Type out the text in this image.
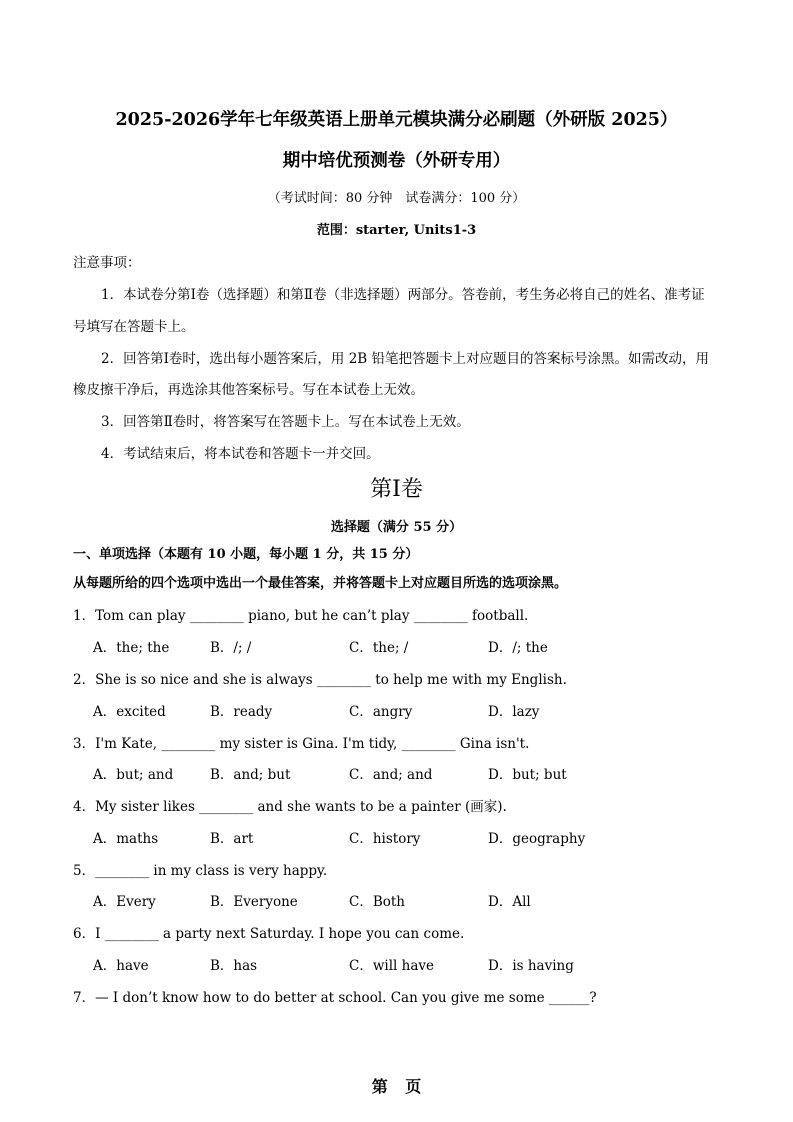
2025-2026学年七年级英语上册单元模块满分必刷题（外研版 2025）
期中培优预测卷（外研专用）
（考试时间：80 分钟　试卷满分：100 分）
范围：starter, Units1-3
注意事项：
1．本试卷分第Ⅰ卷（选择题）和第Ⅱ卷（非选择题）两部分。答卷前，考生务必将自己的姓名、准考证
号填写在答题卡上。
2．回答第Ⅰ卷时，选出每小题答案后，用 2B 铅笔把答题卡上对应题目的答案标号涂黑。如需改动，用
橡皮擦干净后，再选涂其他答案标号。写在本试卷上无效。
3．回答第Ⅱ卷时，将答案写在答题卡上。写在本试卷上无效。
4．考试结束后，将本试卷和答题卡一并交回。
第Ⅰ卷
选择题（满分 55 分）
一、单项选择（本题有 10 小题，每小题 1 分，共 15 分）
从每题所给的四个选项中选出一个最佳答案，并将答题卡上对应题目所选的选项涂黑。
1．Tom can play ________ piano, but he can’t play ________ football.
A．the; the	B．/; /	C．the; /	D．/; the
2．She is so nice and she is always ________ to help me with my English.
A．excited	B．ready	C．angry	D．lazy
3．I'm Kate, ________ my sister is Gina. I'm tidy, ________ Gina isn't.
A．but; and	B．and; but	C．and; and	D．but; but
4．My sister likes ________ and she wants to be a painter (画家).
A．maths	B．art	C．history	D．geography
5．________ in my class is very happy.
A．Every	B．Everyone	C．Both	D．All
6．I ________ a party next Saturday. I hope you can come.
A．have	B．has	C．will have	D．is having
7．— I don’t know how to do better at school. Can you give me some ______?
第 页
